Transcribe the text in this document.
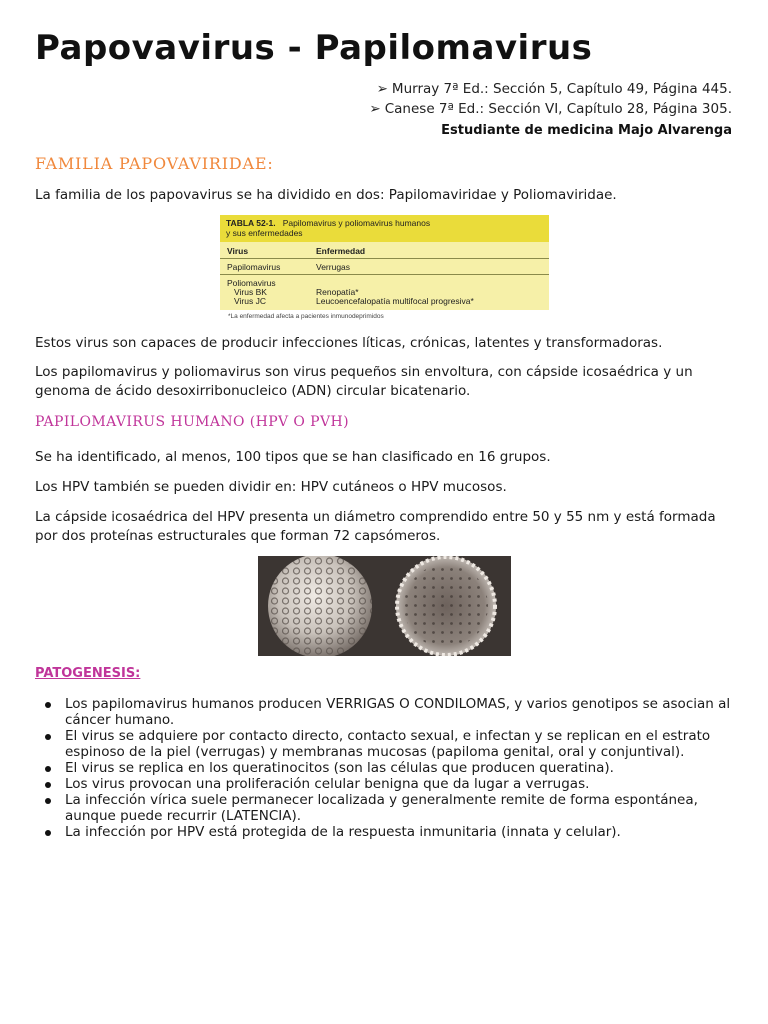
Papovavirus - Papilomavirus
➢ Murray 7ª Ed.: Sección 5, Capítulo 49, Página 445.
➢ Canese 7ª Ed.: Sección VI, Capítulo 28, Página 305.
Estudiante de medicina Majo Alvarenga
FAMILIA PAPOVAVIRIDAE:
La familia de los papovavirus se ha dividido en dos: Papilomaviridae y Poliomaviridae.
TABLA 52-1. Papilomavirus y poliomavirus humanos
y sus enfermedades
Virus	Enfermedad
Papilomavirus	Verrugas
Poliomavirus
Virus BK	Renopatía*
Virus JC	Leucoencefalopatía multifocal progresiva*
*La enfermedad afecta a pacientes inmunodeprimidos
Estos virus son capaces de producir infecciones líticas, crónicas, latentes y transformadoras.
Los papilomavirus y poliomavirus son virus pequeños sin envoltura, con cápside icosaédrica y un genoma de ácido desoxirribonucleico (ADN) circular bicatenario.
PAPILOMAVIRUS HUMANO (HPV O PVH)
Se ha identificado, al menos, 100 tipos que se han clasificado en 16 grupos.
Los HPV también se pueden dividir en: HPV cutáneos o HPV mucosos.
La cápside icosaédrica del HPV presenta un diámetro comprendido entre 50 y 55 nm y está formada por dos proteínas estructurales que forman 72 capsómeros.
PATOGENESIS:
Los papilomavirus humanos producen VERRIGAS O CONDILOMAS, y varios genotipos se asocian al cáncer humano.
El virus se adquiere por contacto directo, contacto sexual, e infectan y se replican en el estrato espinoso de la piel (verrugas) y membranas mucosas (papiloma genital, oral y conjuntival).
El virus se replica en los queratinocitos (son las células que producen queratina).
Los virus provocan una proliferación celular benigna que da lugar a verrugas.
La infección vírica suele permanecer localizada y generalmente remite de forma espontánea, aunque puede recurrir (LATENCIA).
La infección por HPV está protegida de la respuesta inmunitaria (innata y celular).
